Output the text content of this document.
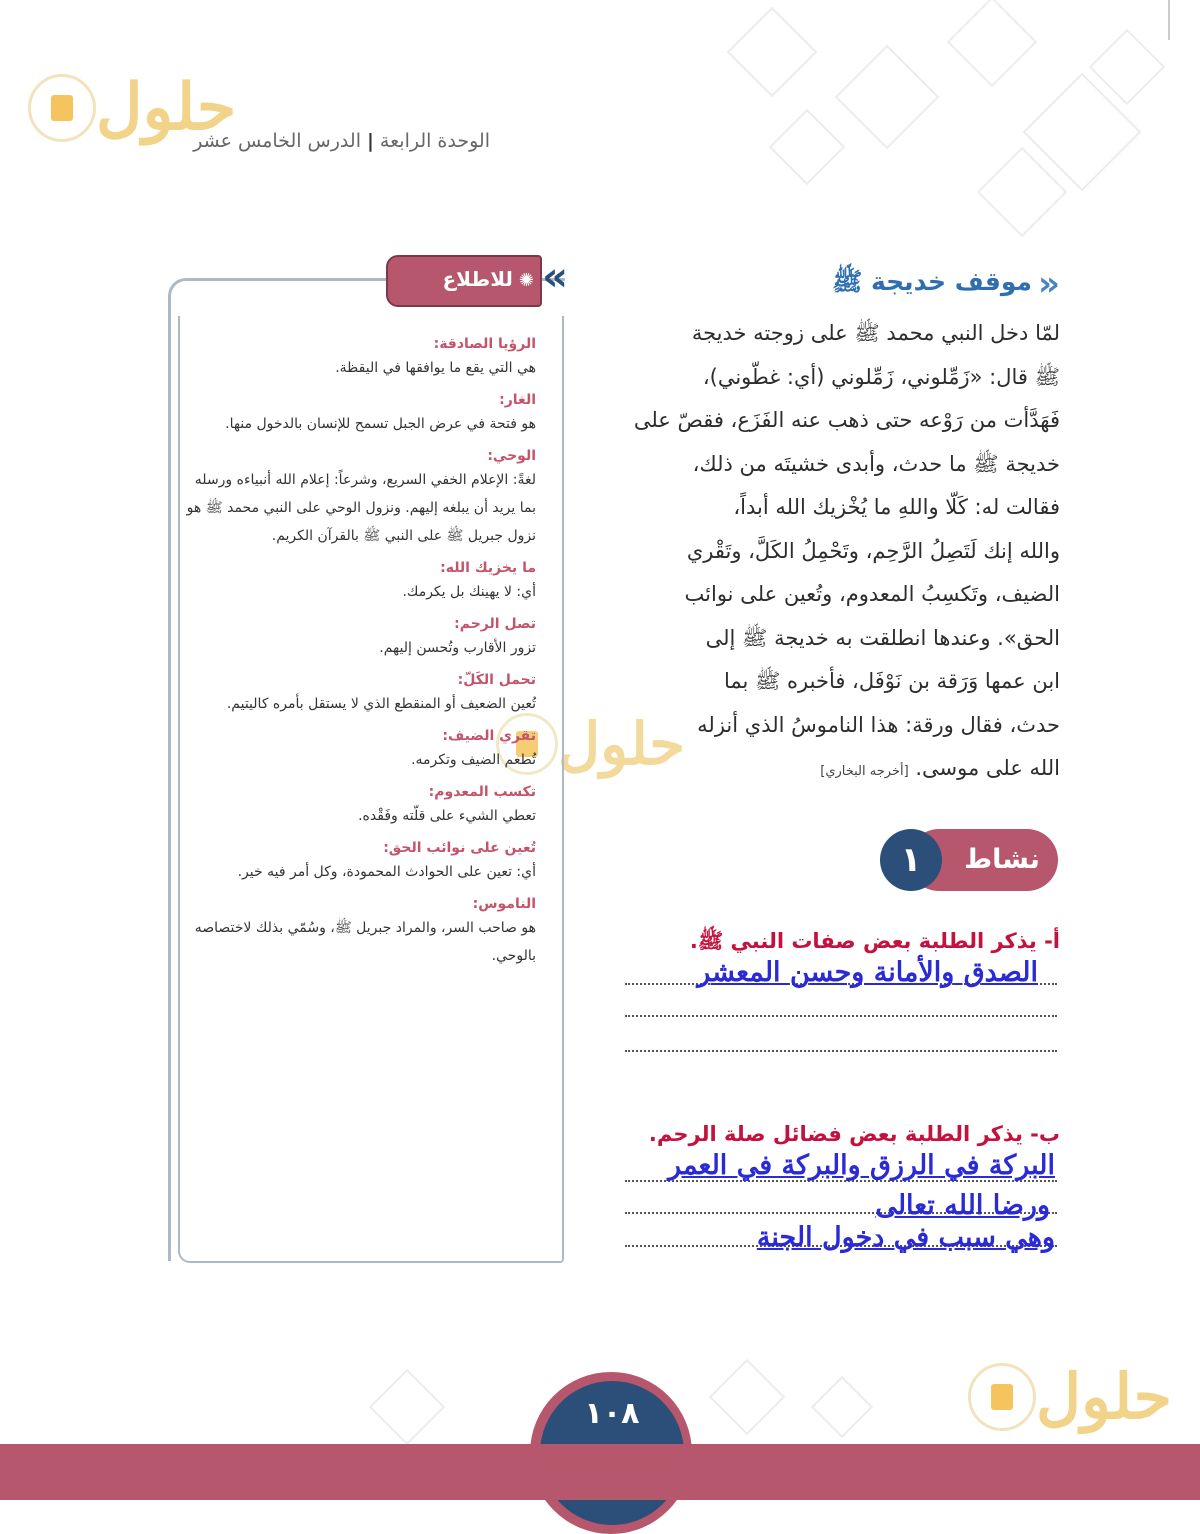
حلول
حلول
حلول
الوحدة الرابعة|الدرس الخامس عشر
«
موقف خديجة ﷺ
لمّا دخل النبي محمد ﷺ على زوجته خديجة
ﷺ قال: «زَمِّلوني، زَمِّلوني (أي: غطّوني)،
فَهَدَّأت من رَوْعه حتى ذهب عنه الفَزَع، فقصّ على
خديجة ﷺ ما حدث، وأبدى خشيتَه من ذلك،
فقالت له: كَلّا واللهِ ما يُخْزيك الله أبداً،
والله إنك لَتَصِلُ الرَّحِم، وتَحْمِلُ الكَلَّ، وتَقْري
الضيف، وتَكسِبُ المعدوم، وتُعين على نوائب
الحق». وعندها انطلقت به خديجة ﷺ إلى
ابن عمها وَرَقة بن نَوْفَل، فأخبره ﷺ بما
حدث، فقال ورقة: هذا الناموسُ الذي أنزله
الله على موسى. [أخرجه البخاري]
نشاط
١
أ- يذكر الطلبة بعض صفات النبي ﷺ.
الصدق والأمانة وحسن المعشر
ب- يذكر الطلبة بعض فضائل صلة الرحم.
البركة في الرزق والبركة في العمر
ورضا الله تعالى
وهي سبب في دخول الجنة
✺للاطلاع «
الرؤيا الصادقة:
هي التي يقع ما يوافقها في اليقظة.
الغار:
هو فتحة في عرض الجبل تسمح للإنسان بالدخول منها.
الوحي:
لغةً: الإعلام الخفي السريع، وشرعاً: إعلام الله أنبياءه ورسله بما يريد أن يبلغه إليهم. ونزول الوحي على النبي محمد ﷺ هو نزول جبريل ﷺ على النبي ﷺ بالقرآن الكريم.
ما يخزيك الله:
أي: لا يهينك بل يكرمك.
تصل الرحم:
تزور الأقارب وتُحسن إليهم.
تحمل الكَلّ:
تُعين الضعيف أو المنقطع الذي لا يستقل بأمره كاليتيم.
تقري الضيف:
تُطعم الضيف وتكرمه.
تكسب المعدوم:
تعطي الشيء على قلّته وفَقْده.
تُعين على نوائب الحق:
أي: تعين على الحوادث المحمودة، وكل أمر فيه خير.
الناموس:
هو صاحب السر، والمراد جبريل ﷺ، وسُمّي بذلك لاختصاصه بالوحي.
١٠٨
